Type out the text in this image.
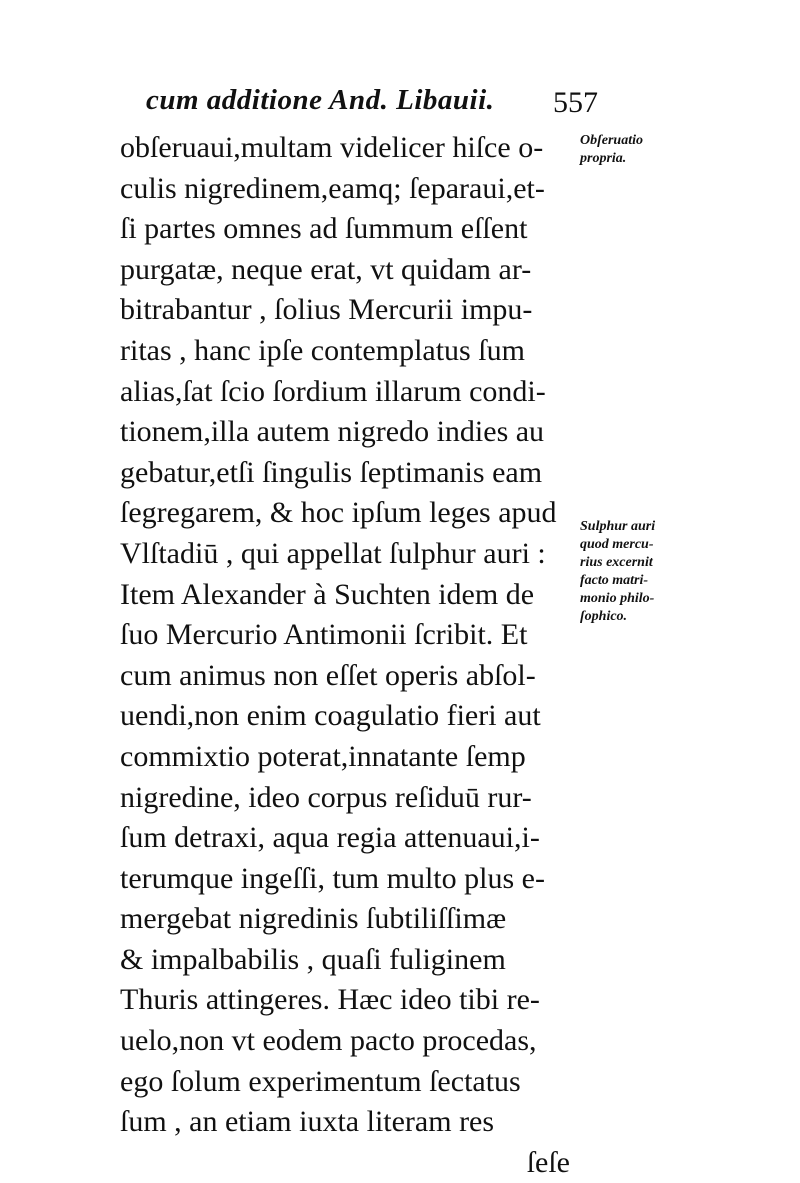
cum additione And. Libauii. 557
obſeruaui,multam videlicer hiſce o-
culis nigredinem,eamq; ſeparaui,et-
ſi partes omnes ad ſummum eſſent
purgatæ, neque erat, vt quidam ar-
bitrabantur , ſolius Mercurii impu-
ritas , hanc ipſe contemplatus ſum
alias,ſat ſcio ſordium illarum condi-
tionem,illa autem nigredo indies au
gebatur,etſi ſingulis ſeptimanis eam
ſegregarem, & hoc ipſum leges apud
Vlſtadiū , qui appellat ſulphur auri :
Item Alexander à Suchten idem de
ſuo Mercurio Antimonii ſcribit. Et
cum animus non eſſet operis abſol-
uendi,non enim coagulatio fieri aut
commixtio poterat,innatante ſemp
nigredine, ideo corpus reſiduū rur-
ſum detraxi, aqua regia attenuaui,i-
terumque ingeſſi, tum multo plus e-
mergebat nigredinis ſubtiliſſimæ
& impalbabilis , quaſi fuliginem
Thuris attingeres. Hæc ideo tibi re-
uelo,non vt eodem pacto procedas,
ego ſolum experimentum ſectatus
ſum , an etiam iuxta literam res
ſeſe
Obſeruatio
propria.
Sulphur auri
quod mercu-
rius excernit
facto matri-
monio philo-
ſophico.
